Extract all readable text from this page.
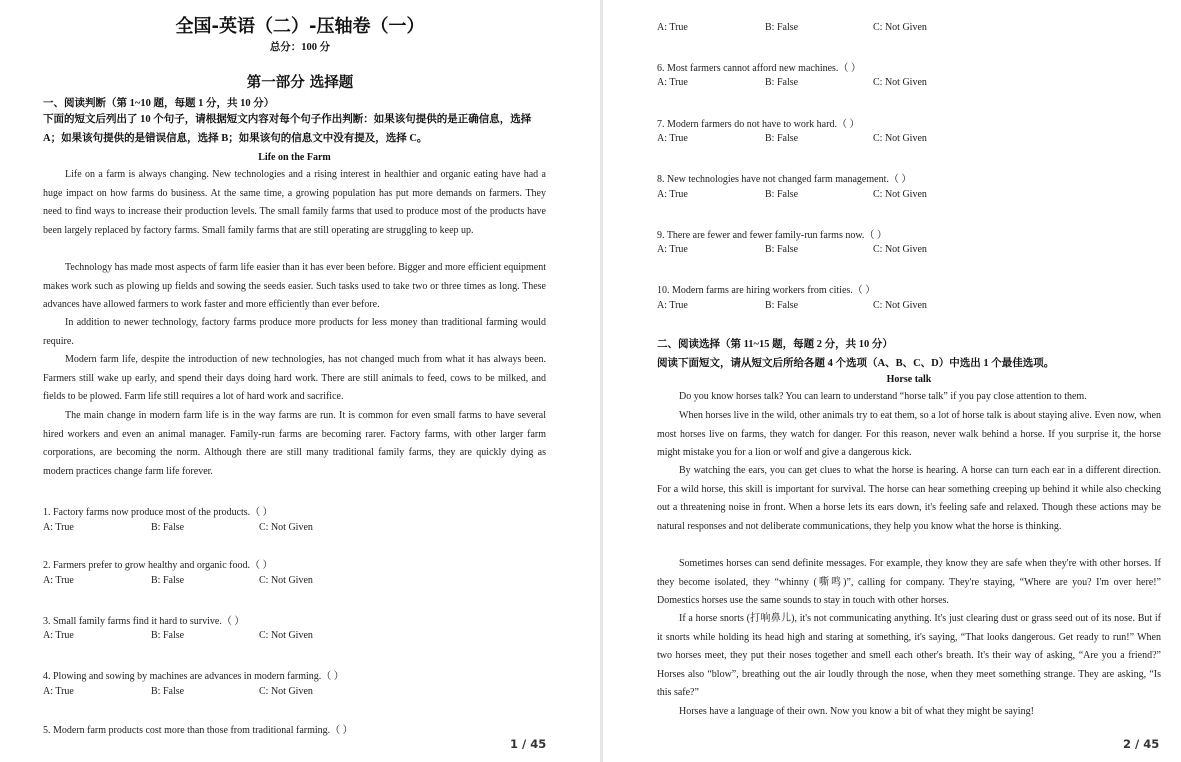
全国-英语（二）-压轴卷（一）
总分：100 分
第一部分 选择题
一、阅读判断（第 1~10 题，每题 1 分，共 10 分）
下面的短文后列出了 10 个句子，请根据短文内容对每个句子作出判断：如果该句提供的是正确信息，选择 A；如果该句提供的是错误信息，选择 B；如果该句的信息文中没有提及，选择 C。
Life on the Farm
Life on a farm is always changing. New technologies and a rising interest in healthier and organic eating have had a huge impact on how farms do business. At the same time, a growing population has put more demands on farmers. They need to find ways to increase their production levels. The small family farms that used to produce most of the products have been largely replaced by factory farms. Small family farms that are still operating are struggling to keep up.
Technology has made most aspects of farm life easier than it has ever been before. Bigger and more efficient equipment makes work such as plowing up fields and sowing the seeds easier. Such tasks used to take two or three times as long. These advances have allowed farmers to work faster and more efficiently than ever before.
In addition to newer technology, factory farms produce more products for less money than traditional farming would require.
Modern farm life, despite the introduction of new technologies, has not changed much from what it has always been. Farmers still wake up early, and spend their days doing hard work. There are still animals to feed, cows to be milked, and fields to be plowed. Farm life still requires a lot of hard work and sacrifice.
The main change in modern farm life is in the way farms are run. It is common for even small farms to have several hired workers and even an animal manager. Family-run farms are becoming rarer. Factory farms, with other larger farm corporations, are becoming the norm. Although there are still many traditional family farms, they are quickly dying as modern practices change farm life forever.
1. Factory farms now produce most of the products.（ ）
A: True	B: False	C: Not Given
2. Farmers prefer to grow healthy and organic food.（ ）
A: True	B: False	C: Not Given
3. Small family farms find it hard to survive.（ ）
A: True	B: False	C: Not Given
4. Plowing and sowing by machines are advances in modern farming.（ ）
A: True	B: False	C: Not Given
5. Modern farm products cost more than those from traditional farming.（ ）
1 / 45
A: True	B: False	C: Not Given
6. Most farmers cannot afford new machines.（ ）
A: True	B: False	C: Not Given
7. Modern farmers do not have to work hard.（ ）
A: True	B: False	C: Not Given
8. New technologies have not changed farm management.（ ）
A: True	B: False	C: Not Given
9. There are fewer and fewer family-run farms now.（ ）
A: True	B: False	C: Not Given
10. Modern farms are hiring workers from cities.（ ）
A: True	B: False	C: Not Given
二、阅读选择（第 11~15 题，每题 2 分，共 10 分）
阅读下面短文，请从短文后所给各题 4 个选项（A、B、C、D）中选出 1 个最佳选项。
Horse talk
Do you know horses talk? You can learn to understand “horse talk” if you pay close attention to them.
When horses live in the wild, other animals try to eat them, so a lot of horse talk is about staying alive. Even now, when most horses live on farms, they watch for danger. For this reason, never walk behind a horse. If you surprise it, the horse might mistake you for a lion or wolf and give a dangerous kick.
By watching the ears, you can get clues to what the horse is hearing. A horse can turn each ear in a different direction. For a wild horse, this skill is important for survival. The horse can hear something creeping up behind it while also checking out a threatening noise in front. When a horse lets its ears down, it's feeling safe and relaxed. Though these actions may be natural responses and not deliberate communications, they help you know what the horse is thinking.
Sometimes horses can send definite messages. For example, they know they are safe when they're with other horses. If they become isolated, they “whinny (嘶鸣)”, calling for company. They're staying, “Where are you? I'm over here!” Domestics horses use the same sounds to stay in touch with other horses.
If a horse snorts (打响鼻儿), it's not communicating anything. It's just clearing dust or grass seed out of its nose. But if it snorts while holding its head high and staring at something, it's saying, “That looks dangerous. Get ready to run!” When two horses meet, they put their noses together and smell each other's breath. It's their way of asking, “Are you a friend?” Horses also “blow”, breathing out the air loudly through the nose, when they meet something strange. They are asking, “Is this safe?”
Horses have a language of their own. Now you know a bit of what they might be saying!
2 / 45
